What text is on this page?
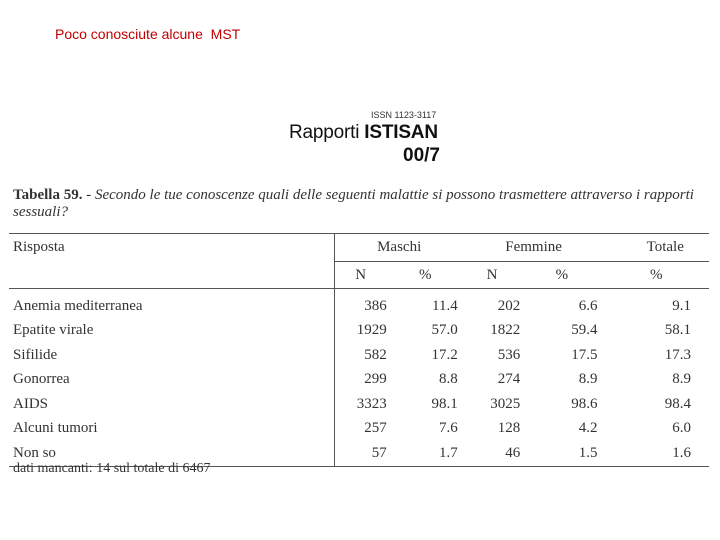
Poco conosciute alcune  MST
ISSN 1123-3117
Rapporti ISTISAN
00/7
Tabella 59. - Secondo le tue conoscenze quali delle seguenti malattie si possono trasmettere attraverso i rapporti sessuali?
Risposta	Maschi		Femmine		Totale
	N	%	N	%	%
Anemia mediterranea	386	11.4	202	6.6	9.1
Epatite virale	1929	57.0	1822	59.4	58.1
Sifilide	582	17.2	536	17.5	17.3
Gonorrea	299	8.8	274	8.9	8.9
AIDS	3323	98.1	3025	98.6	98.4
Alcuni tumori	257	7.6	128	4.2	6.0
Non so	57	1.7	46	1.5	1.6
dati mancanti: 14 sul totale di 6467
